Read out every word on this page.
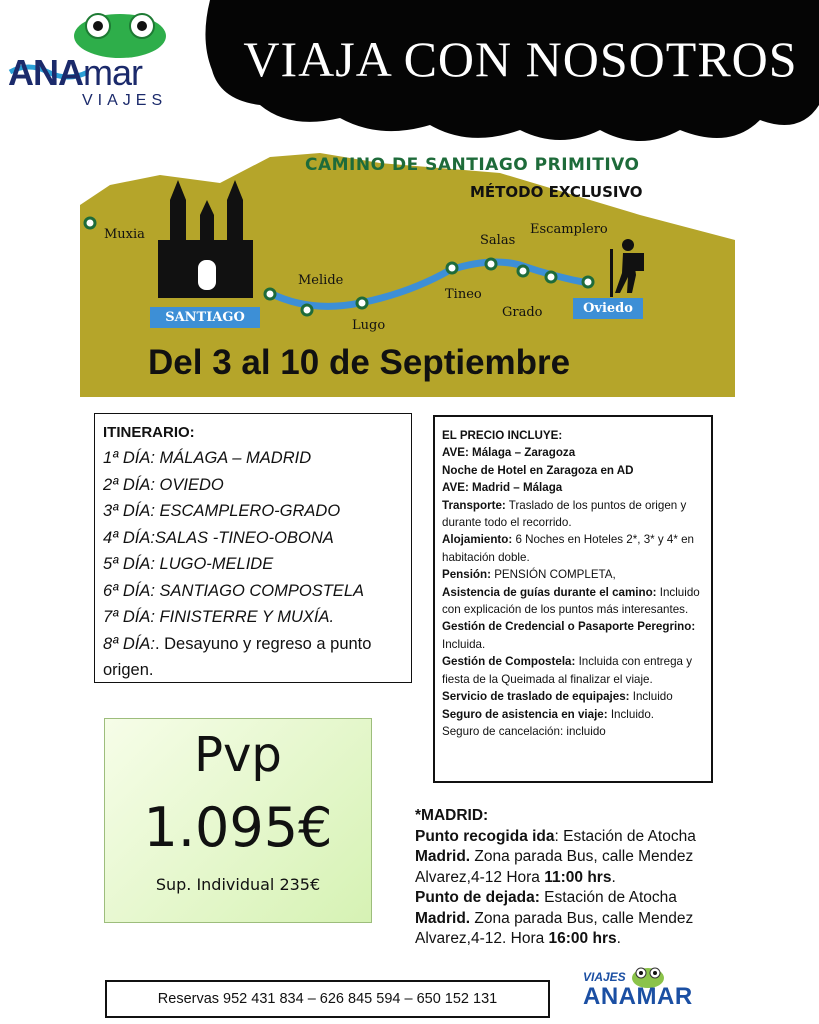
ANAmar
VIAJES
VIAJA CON NOSOTROS
CAMINO DE SANTIAGO PRIMITIVO
MÉTODO EXCLUSIVO
Muxia
SANTIAGO
Melide
Lugo
Tineo
Salas
Grado
Escamplero
Oviedo
Del 3 al 10 de Septiembre
ITINERARIO:
1ª DÍA: MÁLAGA – MADRID
2ª DÍA: OVIEDO
3ª DÍA: ESCAMPLERO-GRADO
4ª DÍA:SALAS -TINEO-OBONA
5ª DÍA: LUGO-MELIDE
6ª DÍA: SANTIAGO COMPOSTELA
7ª DÍA: FINISTERRE Y MUXÍA.
8ª DÍA:. Desayuno y regreso a punto origen.
EL PRECIO INCLUYE:
AVE: Málaga – Zaragoza
Noche de Hotel en Zaragoza en AD
AVE: Madrid – Málaga
Transporte: Traslado de los puntos de origen y durante todo el recorrido.
Alojamiento: 6 Noches en Hoteles 2*, 3* y 4* en habitación doble.
Pensión: PENSIÓN COMPLETA,
Asistencia de guías durante el camino: Incluido con explicación de los puntos más interesantes.
Gestión de Credencial o Pasaporte Peregrino: Incluida.
Gestión de Compostela: Incluida con entrega y fiesta de la Queimada al finalizar el viaje.
Servicio de traslado de equipajes: Incluido
Seguro de asistencia en viaje: Incluido.
Seguro de cancelación: incluido
Pvp
1.095€
Sup. Individual 235€
*MADRID:
Punto recogida ida: Estación de Atocha Madrid. Zona parada Bus, calle Mendez Alvarez,4-12 Hora 11:00 hrs.
Punto de dejada: Estación de Atocha Madrid. Zona parada Bus, calle Mendez Alvarez,4-12. Hora 16:00 hrs.
Reservas 952 431 834 – 626 845 594 – 650 152 131
VIAJES
ANAMAR
